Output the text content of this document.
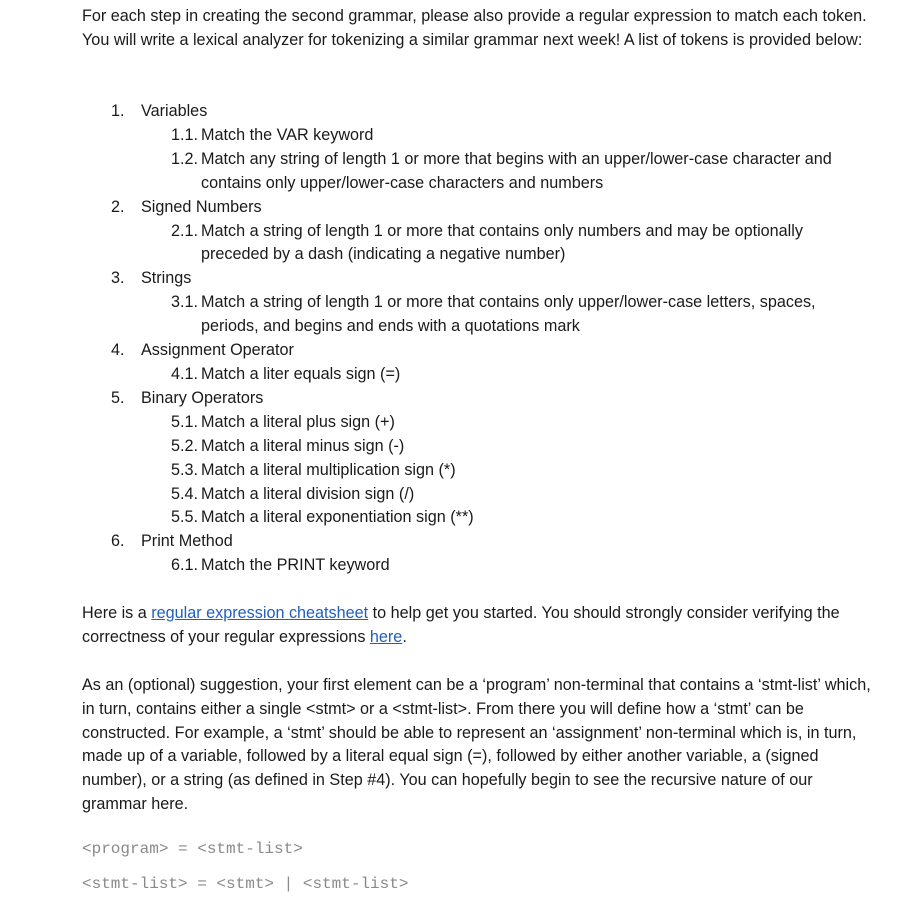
For each step in creating the second grammar, please also provide a regular expression to match each token. You will write a lexical analyzer for tokenizing a similar grammar next week! A list of tokens is provided below:

1. Variables
1.1. Match the VAR keyword
1.2. Match any string of length 1 or more that begins with an upper/lower-case character and contains only upper/lower-case characters and numbers
2. Signed Numbers
2.1. Match a string of length 1 or more that contains only numbers and may be optionally preceded by a dash (indicating a negative number)
3. Strings
3.1. Match a string of length 1 or more that contains only upper/lower-case letters, spaces, periods, and begins and ends with a quotations mark
4. Assignment Operator
4.1. Match a liter equals sign (=)
5. Binary Operators
5.1. Match a literal plus sign (+)
5.2. Match a literal minus sign (-)
5.3. Match a literal multiplication sign (*)
5.4. Match a literal division sign (/)
5.5. Match a literal exponentiation sign (**)
6. Print Method
6.1. Match the PRINT keyword

Here is a regular expression cheatsheet to help get you started. You should strongly consider verifying the correctness of your regular expressions here.

As an (optional) suggestion, your first element can be a ‘program’ non-terminal that contains a ‘stmt-list’ which, in turn, contains either a single <stmt> or a <stmt-list>. From there you will define how a ‘stmt’ can be constructed. For example, a ‘stmt’ should be able to represent an ‘assignment’ non-terminal which is, in turn, made up of a variable, followed by a literal equal sign (=), followed by either another variable, a (signed number), or a string (as defined in Step #4). You can hopefully begin to see the recursive nature of our grammar here.

<program> = <stmt-list>
<stmt-list> = <stmt> | <stmt-list>
